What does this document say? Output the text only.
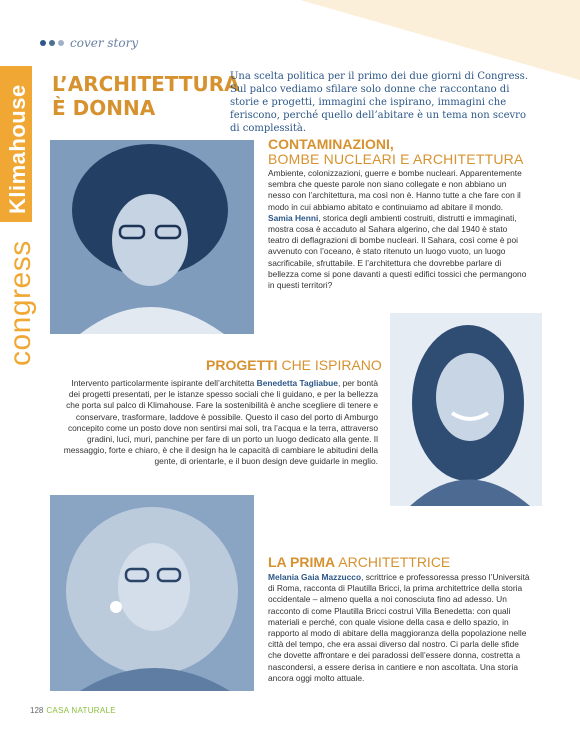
cover story
Klimahouse
congress
L’ARCHITETTURA
È DONNA
Una scelta politica per il primo dei due giorni di Congress. Sul palco vediamo sfilare solo donne che raccontano di storie e progetti, immagini che ispirano, immagini che feriscono, perché quello dell’abitare è un tema non scevro di complessità.
CONTAMINAZIONI,
BOMBE NUCLEARI E ARCHITETTURA
Ambiente, colonizzazioni, guerre e bombe nucleari. Apparentemente sembra che queste parole non siano collegate e non abbiano un nesso con l’architettura, ma così non è. Hanno tutte a che fare con il modo in cui abbiamo abitato e continuiamo ad abitare il mondo. Samia Henni, storica degli ambienti costruiti, distrutti e immaginati, mostra cosa è accaduto al Sahara algerino, che dal 1940 è stato teatro di deflagrazioni di bombe nucleari. Il Sahara, così come è poi avvenuto con l’oceano, è stato ritenuto un luogo vuoto, un luogo sacrificabile, sfruttabile. E l’architettura che dovrebbe parlare di bellezza come si pone davanti a questi edifici tossici che permangono in questi territori?
PROGETTI CHE ISPIRANO
Intervento particolarmente ispirante dell’architetta Benedetta Tagliabue, per bontà dei progetti presentati, per le istanze spesso sociali che li guidano, e per la bellezza che porta sul palco di Klimahouse. Fare la sostenibilità è anche scegliere di tenere e conservare, trasformare, laddove è possibile. Questo il caso del porto di Amburgo concepito come un posto dove non sentirsi mai soli, tra l’acqua e la terra, attraverso gradini, luci, muri, panchine per fare di un porto un luogo dedicato alla gente. Il messaggio, forte e chiaro, è che il design ha le capacità di cambiare le abitudini della gente, di orientarle, e il buon design deve guidarle in meglio.
LA PRIMA ARCHITETTRICE
Melania Gaia Mazzucco, scrittrice e professoressa presso l’Università di Roma, racconta di Plautilla Bricci, la prima architettrice della storia occidentale – almeno quella a noi conosciuta fino ad adesso. Un racconto di come Plautilla Bricci costruì Villa Benedetta: con quali materiali e perché, con quale visione della casa e dello spazio, in rapporto al modo di abitare della maggioranza della popolazione nelle città del tempo, che era assai diverso dal nostro. Ci parla delle sfide che dovette affrontare e dei paradossi dell’essere donna, costretta a nascondersi, a essere derisa in cantiere e non ascoltata. Una storia ancora oggi molto attuale.
128 CASA NATURALE
